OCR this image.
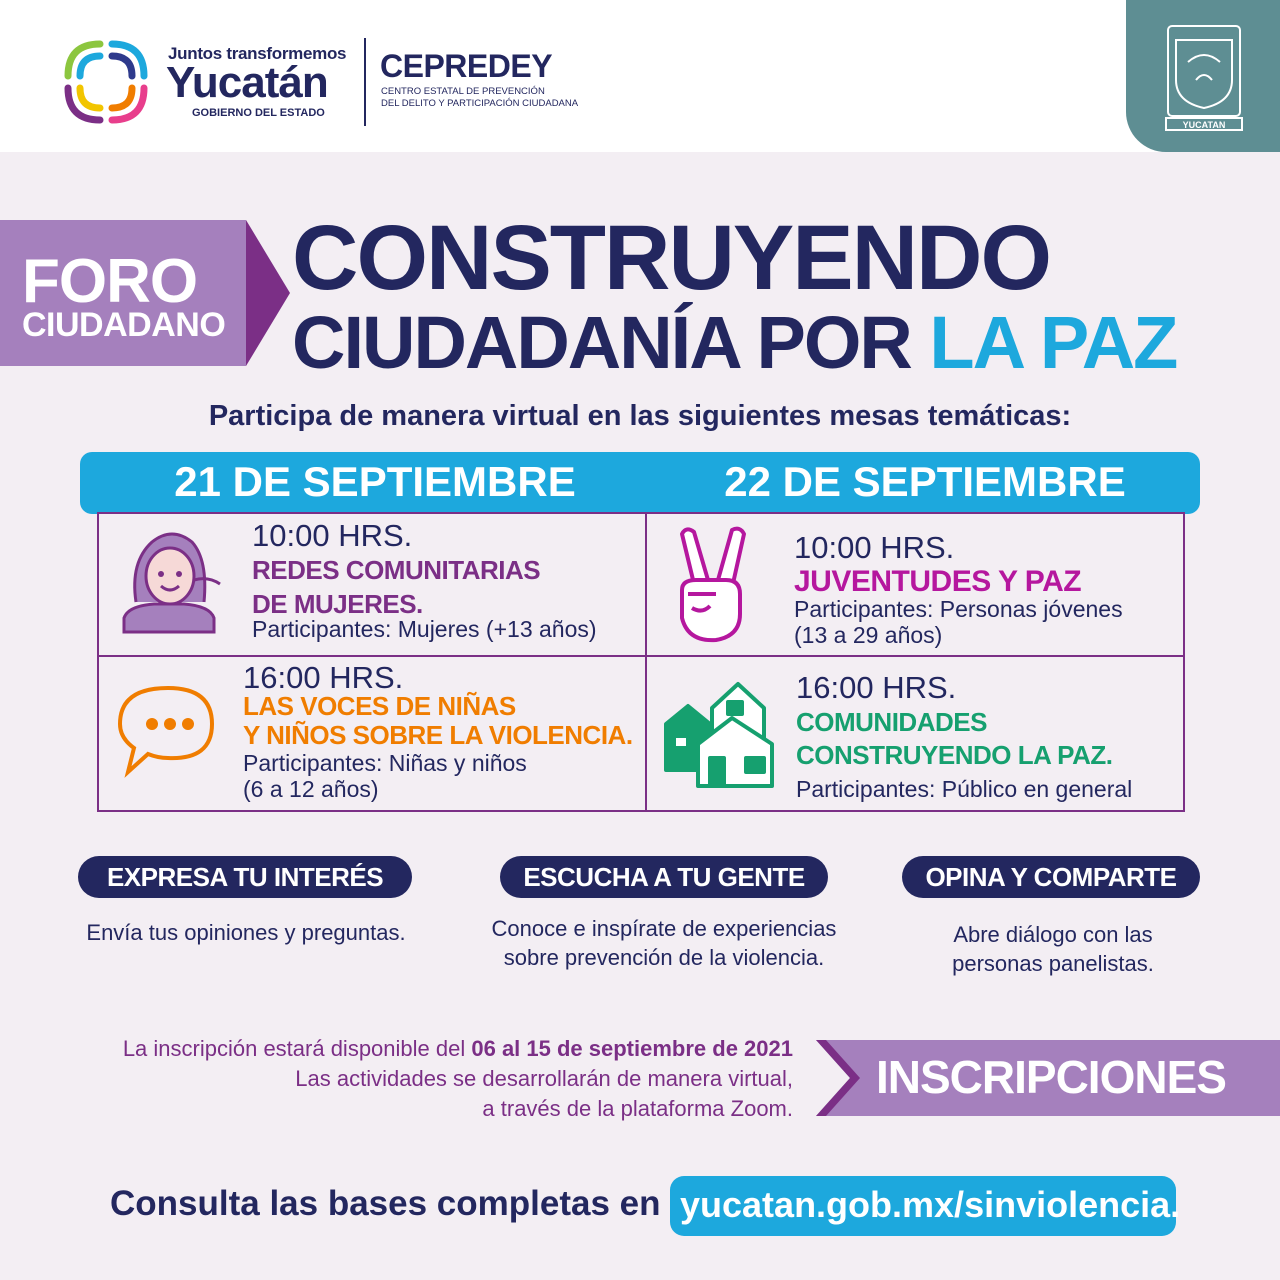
Juntos transformemos
Yucatán
GOBIERNO DEL ESTADO
CEPREDEY
CENTRO ESTATAL DE PREVENCIÓN
DEL DELITO Y PARTICIPACIÓN CIUDADANA
YUCATAN
FORO
CIUDADANO
CONSTRUYENDO
CIUDADANÍA POR LA PAZ
Participa de manera virtual en las siguientes mesas temáticas:
21 DE SEPTIEMBRE	22 DE SEPTIEMBRE
10:00 HRS.
REDES COMUNITARIAS
DE MUJERES.
Participantes: Mujeres (+13 años)
10:00 HRS.
JUVENTUDES Y PAZ
Participantes: Personas jóvenes
(13 a 29 años)
16:00 HRS.
LAS VOCES DE NIÑAS
Y NIÑOS SOBRE LA VIOLENCIA.
Participantes: Niñas y niños
(6 a 12 años)
16:00 HRS.
COMUNIDADES
CONSTRUYENDO LA PAZ.
Participantes: Público en general
EXPRESA TU INTERÉS
Envía tus opiniones y preguntas.
ESCUCHA A TU GENTE
Conoce e inspírate de experiencias
sobre prevención de la violencia.
OPINA Y COMPARTE
Abre diálogo con las
personas panelistas.
La inscripción estará disponible del 06 al 15 de septiembre de 2021
Las actividades se desarrollarán de manera virtual,
a través de la plataforma Zoom.
INSCRIPCIONES
Consulta las bases completas en yucatan.gob.mx/sinviolencia.
